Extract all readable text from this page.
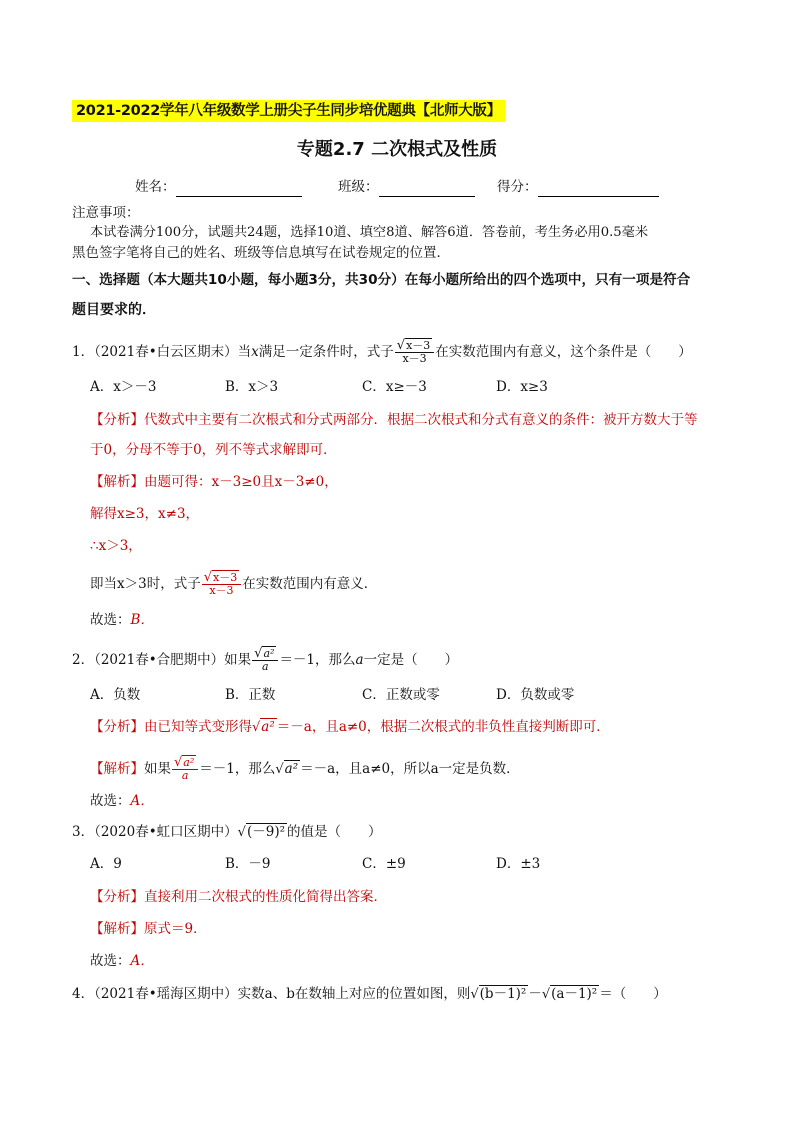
2021-2022学年八年级数学上册尖子生同步培优题典【北师大版】
专题2.7 二次根式及性质
姓名：	班级：	得分：
注意事项：
本试卷满分100分，试题共24题，选择10道、填空8道、解答6道．答卷前，考生务必用0.5毫米
黑色签字笔将自己的姓名、班级等信息填写在试卷规定的位置．
一、选择题（本大题共10小题，每小题3分，共30分）在每小题所给出的四个选项中，只有一项是符合
题目要求的．
1．（2021春•白云区期末）当x满足一定条件时，式子 $\frac{√x-3}{x-3}$ 在实数范围内有意义，这个条件是（　　）
A．x＞－3	B．x＞3	C．x≥－3	D．x≥3
【分析】代数式中主要有二次根式和分式两部分．根据二次根式和分式有意义的条件：被开方数大于等
于0，分母不等于0，列不等式求解即可．
【解析】由题可得：x－3≥0且x－3≠0，
解得x≥3，x≠3，
∴x＞3，
即当x＞3时，式子 $\frac{√x-3}{x-3}$ 在实数范围内有意义．
故选：B．
2．（2021春•合肥期中）如果 $\frac{\text{√a²}}{a} =-1$，那么a一定是（　　）
A．负数	B．正数	C．正数或零	D．负数或零
【分析】由已知等式变形得√a² ＝－a，且a≠0，根据二次根式的非负性直接判断即可．
【解析】如果 $\frac{\text{√a²}}{a} =-1$，那么√a² ＝－a，且a≠0，所以a一定是负数．
故选：A．
3．（2020春•虹口区期中）√(－9)² 的值是（　　）
A．9	B．－9	C．±9	D．±3
【分析】直接利用二次根式的性质化简得出答案．
【解析】原式＝9．
故选：A．
4．（2021春•瑶海区期中）实数a、b在数轴上对应的位置如图，则√(b－1)² －√(a－1)² ＝（　　）
